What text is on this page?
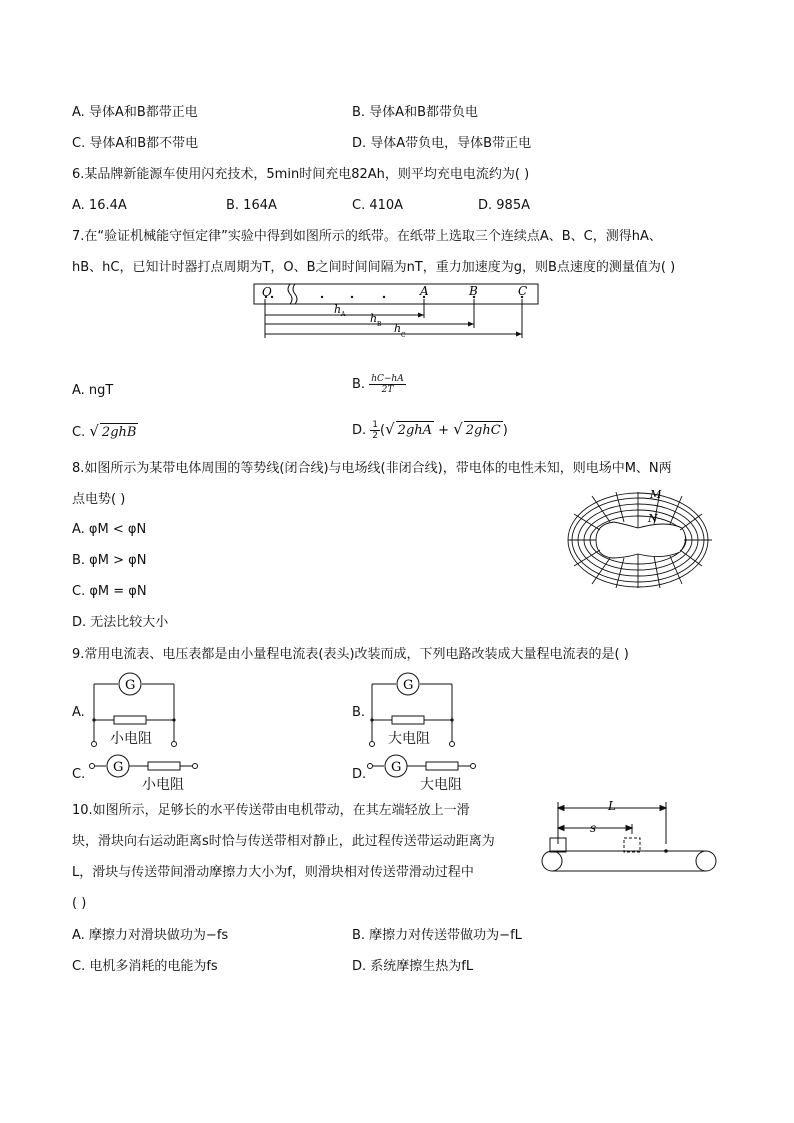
A. 导体A和B都带正电	B. 导体A和B都带负电
C. 导体A和B都不带电	D. 导体A带负电，导体B带正电
6.某品牌新能源车使用闪充技术，5min时间充电82Ah，则平均充电电流约为( )
A. 16.4A	B. 164A	C. 410A	D. 985A
7.在“验证机械能守恒定律”实验中得到如图所示的纸带。在纸带上选取三个连续点A、B、C，测得hA、
hB、hC，已知计时器打点周期为T，O、B之间时间间隔为nT，重力加速度为g，则B点速度的测量值为( )
O	A	B	C
h A h B h
C
A. ngT	B. $\frac{hC-hA}{2T}$
C. √ 2ghB	D. $\frac{1}{2}$ (√ 2ghA + √ 2ghC )
8.如图所示为某带电体周围的等势线(闭合线)与电场线(非闭合线)，带电体的电性未知，则电场中M、N两
点电势( )
A. φM < φN
B. φM > φN
C. φM = φN
D. 无法比较大小
M
N
9.常用电流表、电压表都是由小量程电流表(表头)改装而成，下列电路改装成大量程电流表的是( )
A.
G
小电阻
B.
G
大电阻
C. G
小电阻
D. G
大电阻
10.如图所示，足够长的水平传送带由电机带动，在其左端轻放上一滑
块，滑块向右运动距离s时恰与传送带相对静止，此过程传送带运动距离为
L，滑块与传送带间滑动摩擦力大小为f，则滑块相对传送带滑动过程中
( )
L
s
A. 摩擦力对滑块做功为−fs	B. 摩擦力对传送带做功为−fL
C. 电机多消耗的电能为fs	D. 系统摩擦生热为fL
